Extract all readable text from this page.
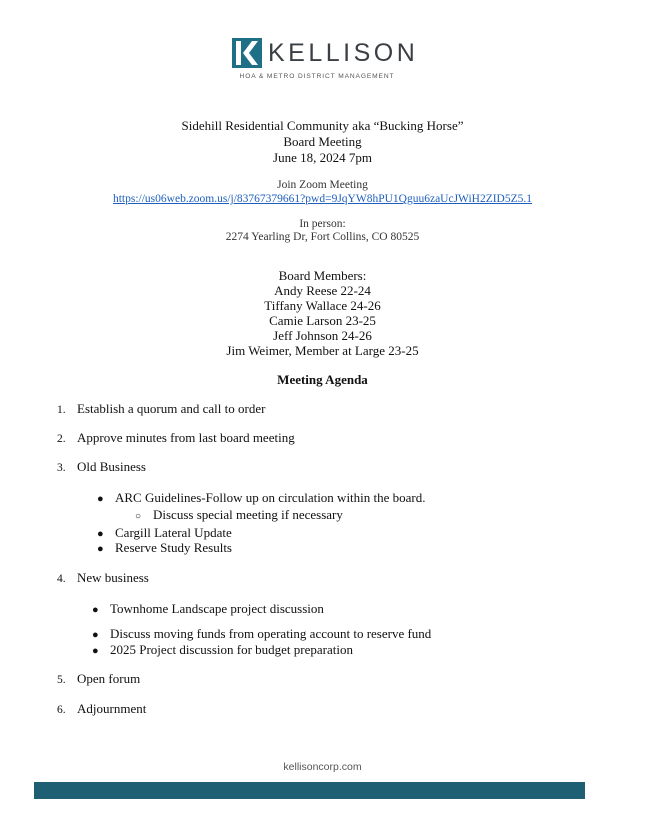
KELLISON
HOA & METRO DISTRICT MANAGEMENT
Sidehill Residential Community aka “Bucking Horse”
Board Meeting
June 18, 2024 7pm
Join Zoom Meeting
https://us06web.zoom.us/j/83767379661?pwd=9JqYW8hPU1Qguu6zaUcJWiH2ZID5Z5.1
In person:
2274 Yearling Dr, Fort Collins, CO 80525
Board Members:
Andy Reese 22-24
Tiffany Wallace 24-26
Camie Larson 23-25
Jeff Johnson 24-26
Jim Weimer, Member at Large 23-25
Meeting Agenda
1. Establish a quorum and call to order
2. Approve minutes from last board meeting
3. Old Business
● ARC Guidelines-Follow up on circulation within the board.
○ Discuss special meeting if necessary
● Cargill Lateral Update
● Reserve Study Results
4. New business
● Townhome Landscape project discussion
● Discuss moving funds from operating account to reserve fund
● 2025 Project discussion for budget preparation
5. Open forum
6. Adjournment
kellisoncorp.com
